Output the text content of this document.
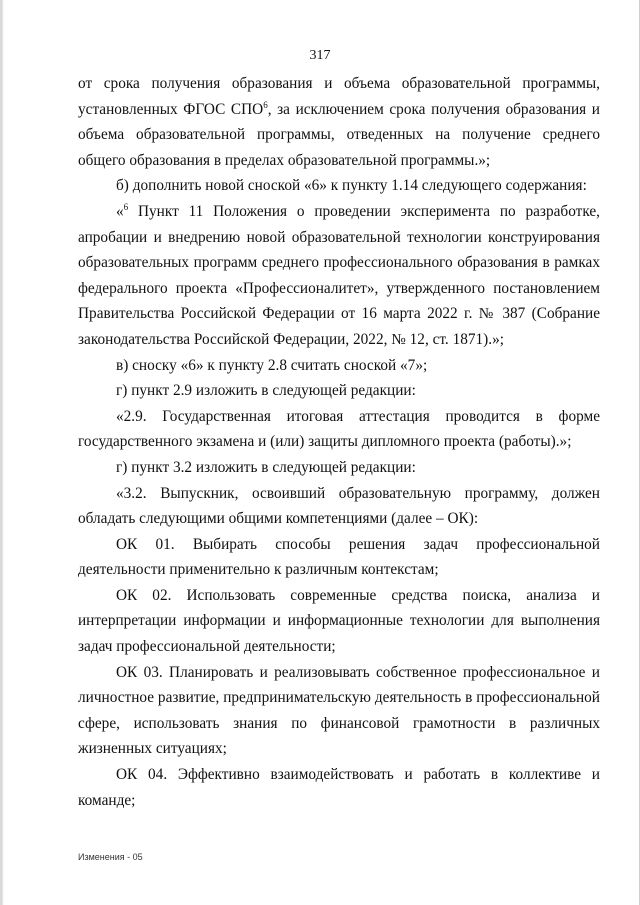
317

от срока получения образования и объема образовательной программы, установленных ФГОС СПО$^6$, за исключением срока получения образования и объема образовательной программы, отведенных на получение среднего общего образования в пределах образовательной программы.»;

б) дополнить новой сноской «6» к пункту 1.14 следующего содержания:

«$^6$ Пункт 11 Положения о проведении эксперимента по разработке, апробации и внедрению новой образовательной технологии конструирования образовательных программ среднего профессионального образования в рамках федерального проекта «Профессионалитет», утвержденного постановлением Правительства Российской Федерации от 16 марта 2022 г. № 387 (Собрание законодательства Российской Федерации, 2022, № 12, ст. 1871).»;

в) сноску «6» к пункту 2.8 считать сноской «7»;

г) пункт 2.9 изложить в следующей редакции:

«2.9. Государственная итоговая аттестация проводится в форме государственного экзамена и (или) защиты дипломного проекта (работы).»;

г) пункт 3.2 изложить в следующей редакции:

«3.2. Выпускник, освоивший образовательную программу, должен обладать следующими общими компетенциями (далее – ОК):

ОК 01. Выбирать способы решения задач профессиональной деятельности применительно к различным контекстам;

ОК 02. Использовать современные средства поиска, анализа и интерпретации информации и информационные технологии для выполнения задач профессиональной деятельности;

ОК 03. Планировать и реализовывать собственное профессиональное и личностное развитие, предпринимательскую деятельность в профессиональной сфере, использовать знания по финансовой грамотности в различных жизненных ситуациях;

ОК 04. Эффективно взаимодействовать и работать в коллективе и команде;

Изменения - 05
